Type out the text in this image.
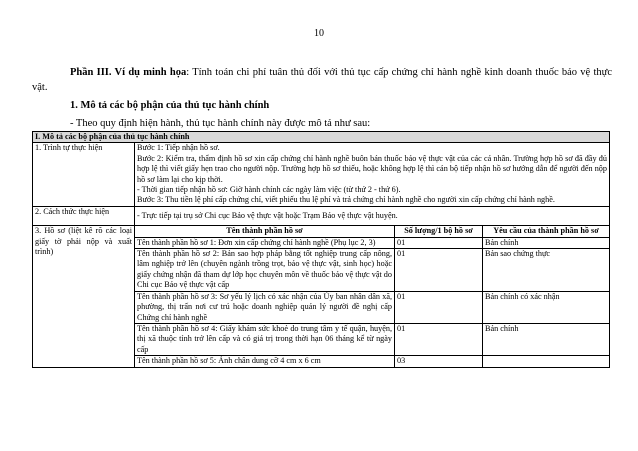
10
Phần III. Ví dụ minh họa: Tính toán chi phí tuân thủ đối với thủ tục cấp chứng chỉ hành nghề kinh doanh thuốc bảo vệ thực vật.
1. Mô tả các bộ phận của thủ tục hành chính
- Theo quy định hiện hành, thủ tục hành chính này được mô tả như sau:
I. Mô tả các bộ phận của thủ tục hành chính			
1. Trình tự thực hiện	Bước 1: Tiếp nhận hồ sơ.
Bước 2: Kiểm tra, thẩm định hồ sơ xin cấp chứng chỉ hành nghề buôn bán thuốc bảo vệ thực vật của các cá nhân. Trường hợp hồ sơ đã đầy đủ hợp lệ thì viết giấy hẹn trao cho người nộp. Trường hợp hồ sơ thiếu, hoặc không hợp lệ thì cán bộ tiếp nhận hồ sơ hướng dẫn để người đến nộp hồ sơ làm lại cho kịp thời.
- Thời gian tiếp nhận hồ sơ: Giờ hành chính các ngày làm việc (từ thứ 2 - thứ 6).
Bước 3: Thu tiền lệ phí cấp chứng chỉ, viết phiếu thu lệ phí và trả chứng chỉ hành nghề cho người xin cấp chứng chỉ hành nghề.		

2. Cách thức thực hiện	- Trực tiếp tại trụ sở Chi cục Bảo vệ thực vật hoặc Trạm Bảo vệ thực vật huyện.		

3. Hồ sơ (liệt kê rõ các loại giấy tờ phải nộp và xuất trình)	Tên thành phần hồ sơ	Số lượng/1 bộ hồ sơ	Yêu cầu của thành phần hồ sơ
	Tên thành phần hồ sơ 1: Đơn xin cấp chứng chỉ hành nghề (Phụ lục 2, 3)	01	Bản chính
	Tên thành phần hồ sơ 2: Bản sao hợp pháp bằng tốt nghiệp trung cấp nông, lâm nghiệp trở lên (chuyên ngành trồng trọt, bảo vệ thực vật, sinh học) hoặc giấy chứng nhận đã tham dự lớp học chuyên môn về thuốc bảo vệ thực vật do Chi cục Bảo vệ thực vật cấp	01	Bản sao chứng thực
	Tên thành phần hồ sơ 3: Sơ yếu lý lịch có xác nhận của Ủy ban nhân dân xã, phường, thị trấn nơi cư trú hoặc doanh nghiệp quản lý người đề nghị cấp Chứng chỉ hành nghề	01	Bản chính có xác nhận
	Tên thành phần hồ sơ 4: Giấy khám sức khoẻ do trung tâm y tế quận, huyện, thị xã thuộc tỉnh trở lên cấp và có giá trị trong thời hạn 06 tháng kể từ ngày cấp	01	Bản chính
	Tên thành phần hồ sơ 5: Ảnh chân dung cỡ 4 cm x 6 cm	03	
